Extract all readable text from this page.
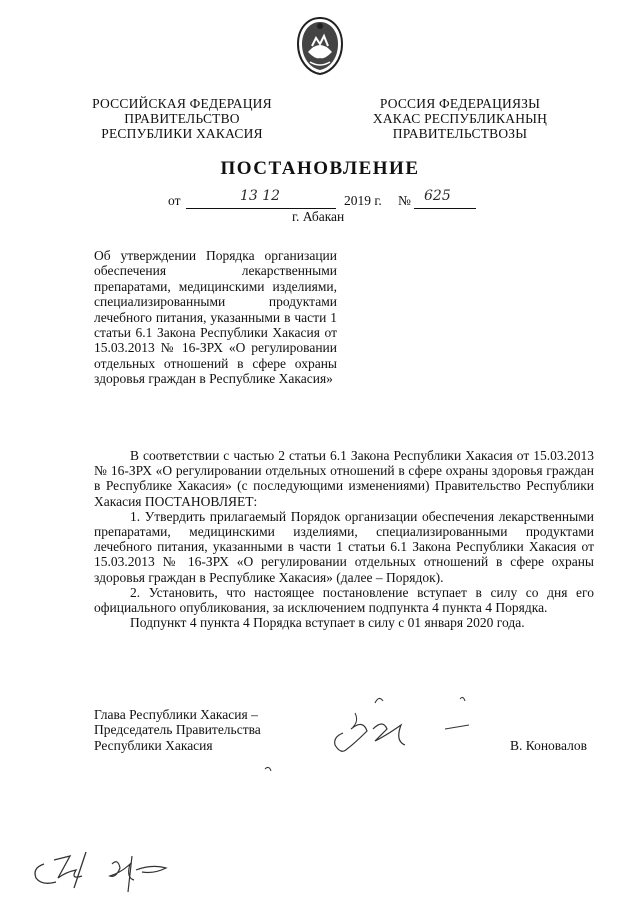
РОССИЙСКАЯ ФЕДЕРАЦИЯ
ПРАВИТЕЛЬСТВО
РЕСПУБЛИКИ ХАКАСИЯ
РОССИЯ ФЕДЕРАЦИЯЗЫ
ХАКАС РЕСПУБЛИКАНЫҢ
ПРАВИТЕЛЬСТВОЗЫ
ПОСТАНОВЛЕНИЕ
от	13 12	2019 г. № 625
г. Абакан

Об утверждении Порядка организации обеспечения лекарственными препаратами, медицинскими изделиями, специализированными продуктами лечебного питания, указанными в части 1 статьи 6.1 Закона Республики Хакасия от 15.03.2013 № 16-ЗРХ «О регулировании отдельных отношений в сфере охраны здоровья граждан в Республике Хакасия»

В соответствии с частью 2 статьи 6.1 Закона Республики Хакасия от 15.03.2013 № 16-ЗРХ «О регулировании отдельных отношений в сфере охраны здоровья граждан в Республике Хакасия» (с последующими изменениями) Правительство Республики Хакасия ПОСТАНОВЛЯЕТ:

1. Утвердить прилагаемый Порядок организации обеспечения лекарственными препаратами, медицинскими изделиями, специализированными продуктами лечебного питания, указанными в части 1 статьи 6.1 Закона Республики Хакасия от 15.03.2013 № 16-ЗРХ «О регулировании отдельных отношений в сфере охраны здоровья граждан в Республике Хакасия» (далее – Порядок).

2. Установить, что настоящее постановление вступает в силу со дня его официального опубликования, за исключением подпункта 4 пункта 4 Порядка.

Подпункт 4 пункта 4 Порядка вступает в силу с 01 января 2020 года.

Глава Республики Хакасия –
Председатель Правительства
Республики Хакасия	В. Коновалов
